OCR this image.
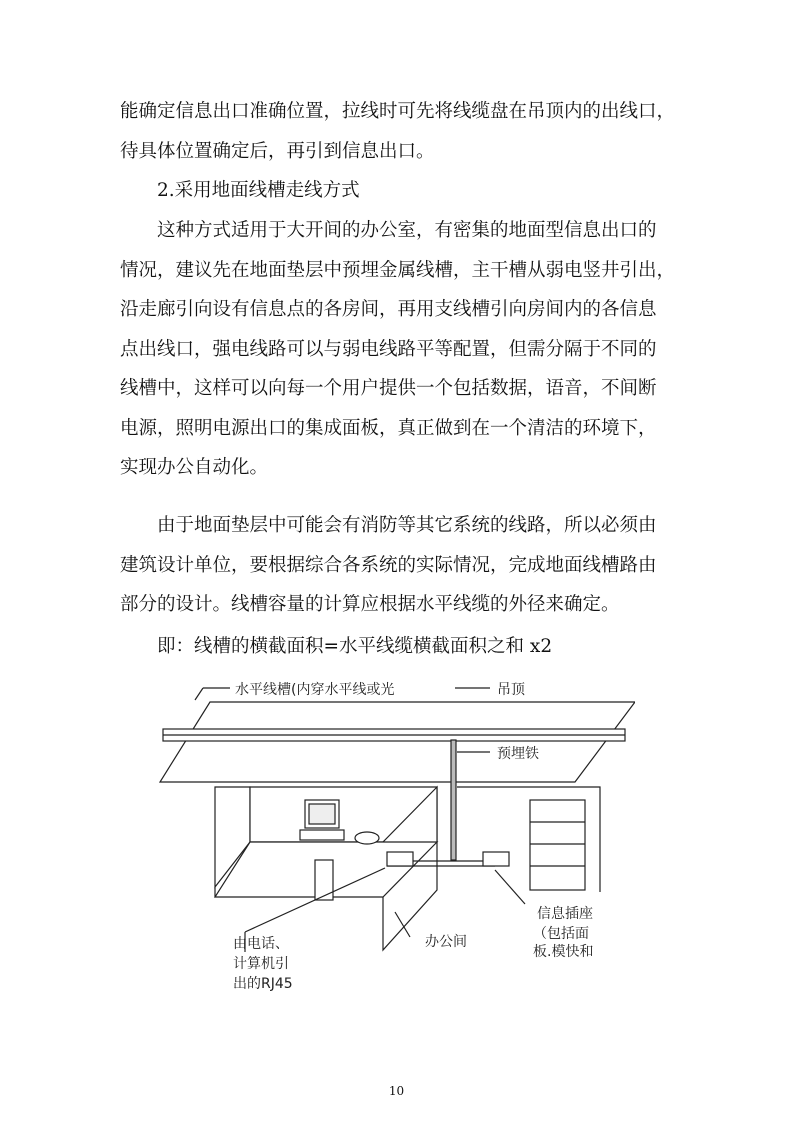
能确定信息出口准确位置，拉线时可先将线缆盘在吊顶内的出线口，
待具体位置确定后，再引到信息出口。
2.采用地面线槽走线方式
这种方式适用于大开间的办公室，有密集的地面型信息出口的
情况，建议先在地面垫层中预埋金属线槽，主干槽从弱电竖井引出，
沿走廊引向设有信息点的各房间，再用支线槽引向房间内的各信息
点出线口，强电线路可以与弱电线路平等配置，但需分隔于不同的
线槽中，这样可以向每一个用户提供一个包括数据，语音，不间断
电源，照明电源出口的集成面板，真正做到在一个清洁的环境下，
实现办公自动化。
由于地面垫层中可能会有消防等其它系统的线路，所以必须由
建筑设计单位，要根据综合各系统的实际情况，完成地面线槽路由
部分的设计。线槽容量的计算应根据水平线缆的外径来确定。
即：线槽的横截面积=水平线缆横截面积之和 x2
水平线槽(内穿水平线或光	吊顶
预埋铁
信息插座
（包括面
板.模快和
办公间
由电话、
计算机引
出的RJ45
10
